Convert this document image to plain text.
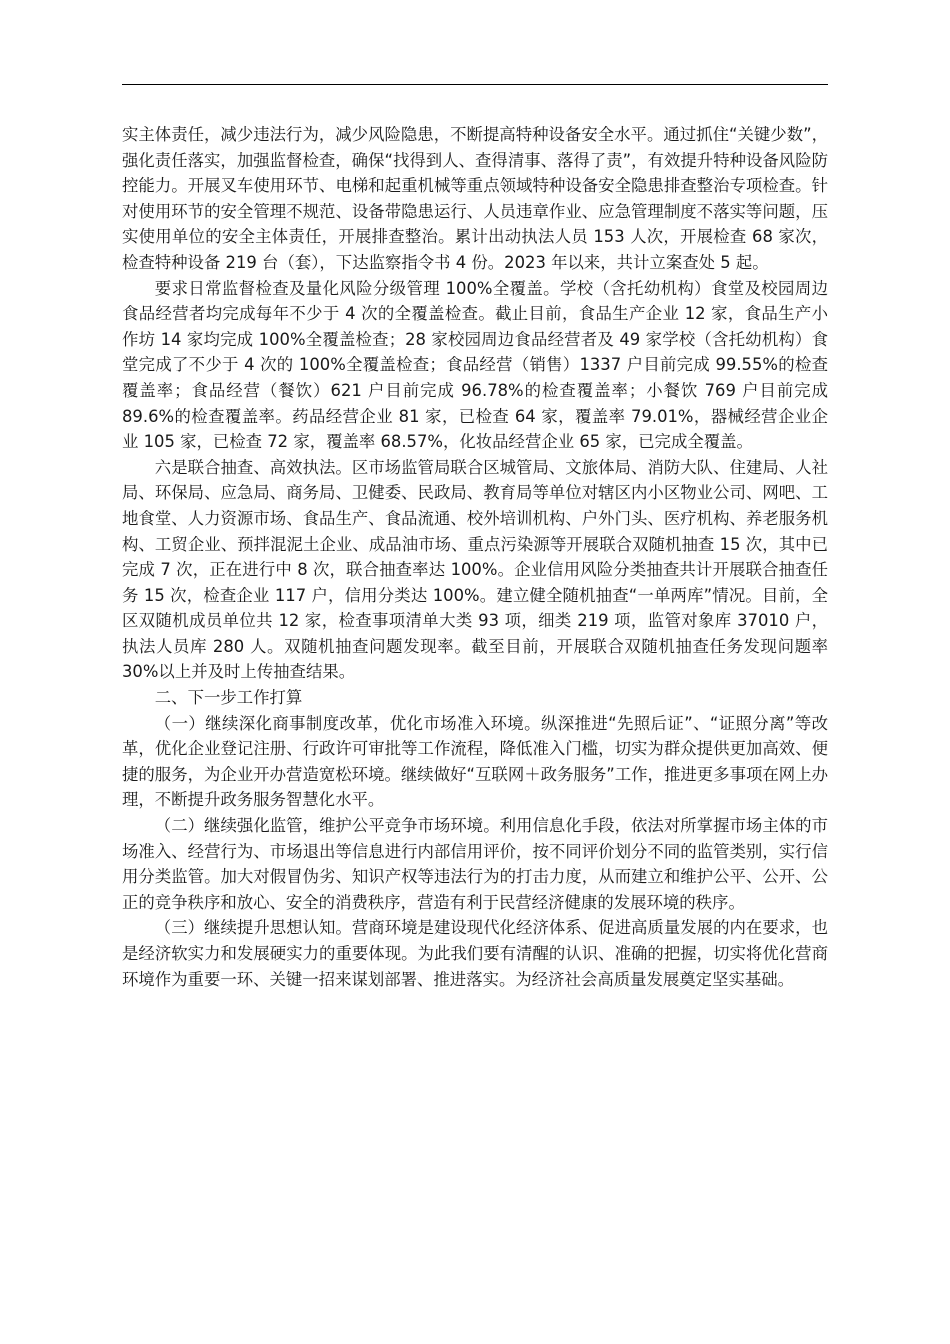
实主体责任，减少违法行为，减少风险隐患，不断提高特种设备安全水平。通过抓住“关键少数”，强化责任落实，加强监督检查，确保“找得到人、查得清事、落得了责”，有效提升特种设备风险防控能力。开展叉车使用环节、电梯和起重机械等重点领域特种设备安全隐患排查整治专项检查。针对使用环节的安全管理不规范、设备带隐患运行、人员违章作业、应急管理制度不落实等问题，压实使用单位的安全主体责任，开展排查整治。累计出动执法人员 153 人次，开展检查 68 家次，检查特种设备 219 台（套），下达监察指令书 4 份。2023 年以来，共计立案查处 5 起。

要求日常监督检查及量化风险分级管理 100%全覆盖。学校（含托幼机构）食堂及校园周边食品经营者均完成每年不少于 4 次的全覆盖检查。截止目前，食品生产企业 12 家，食品生产小作坊 14 家均完成 100%全覆盖检查；28 家校园周边食品经营者及 49 家学校（含托幼机构）食堂完成了不少于 4 次的 100%全覆盖检查；食品经营（销售）1337 户目前完成 99.55%的检查覆盖率；食品经营（餐饮）621 户目前完成 96.78%的检查覆盖率；小餐饮 769 户目前完成 89.6%的检查覆盖率。药品经营企业 81 家，已检查 64 家，覆盖率 79.01%，器械经营企业企业 105 家，已检查 72 家，覆盖率 68.57%，化妆品经营企业 65 家，已完成全覆盖。

六是联合抽查、高效执法。区市场监管局联合区城管局、文旅体局、消防大队、住建局、人社局、环保局、应急局、商务局、卫健委、民政局、教育局等单位对辖区内小区物业公司、网吧、工地食堂、人力资源市场、食品生产、食品流通、校外培训机构、户外门头、医疗机构、养老服务机构、工贸企业、预拌混泥土企业、成品油市场、重点污染源等开展联合双随机抽查 15 次，其中已完成 7 次，正在进行中 8 次，联合抽查率达 100%。企业信用风险分类抽查共计开展联合抽查任务 15 次，检查企业 117 户，信用分类达 100%。建立健全随机抽查“一单两库”情况。目前，全区双随机成员单位共 12 家，检查事项清单大类 93 项，细类 219 项，监管对象库 37010 户，执法人员库 280 人。双随机抽查问题发现率。截至目前，开展联合双随机抽查任务发现问题率 30%以上并及时上传抽查结果。

二、下一步工作打算

（一）继续深化商事制度改革，优化市场准入环境。纵深推进“先照后证”、“证照分离”等改革，优化企业登记注册、行政许可审批等工作流程，降低准入门槛，切实为群众提供更加高效、便捷的服务，为企业开办营造宽松环境。继续做好“互联网＋政务服务”工作，推进更多事项在网上办理，不断提升政务服务智慧化水平。

（二）继续强化监管，维护公平竞争市场环境。利用信息化手段，依法对所掌握市场主体的市场准入、经营行为、市场退出等信息进行内部信用评价，按不同评价划分不同的监管类别，实行信用分类监管。加大对假冒伪劣、知识产权等违法行为的打击力度，从而建立和维护公平、公开、公正的竞争秩序和放心、安全的消费秩序，营造有利于民营经济健康的发展环境的秩序。

（三）继续提升思想认知。营商环境是建设现代化经济体系、促进高质量发展的内在要求，也是经济软实力和发展硬实力的重要体现。为此我们要有清醒的认识、准确的把握，切实将优化营商环境作为重要一环、关键一招来谋划部署、推进落实。为经济社会高质量发展奠定坚实基础。
